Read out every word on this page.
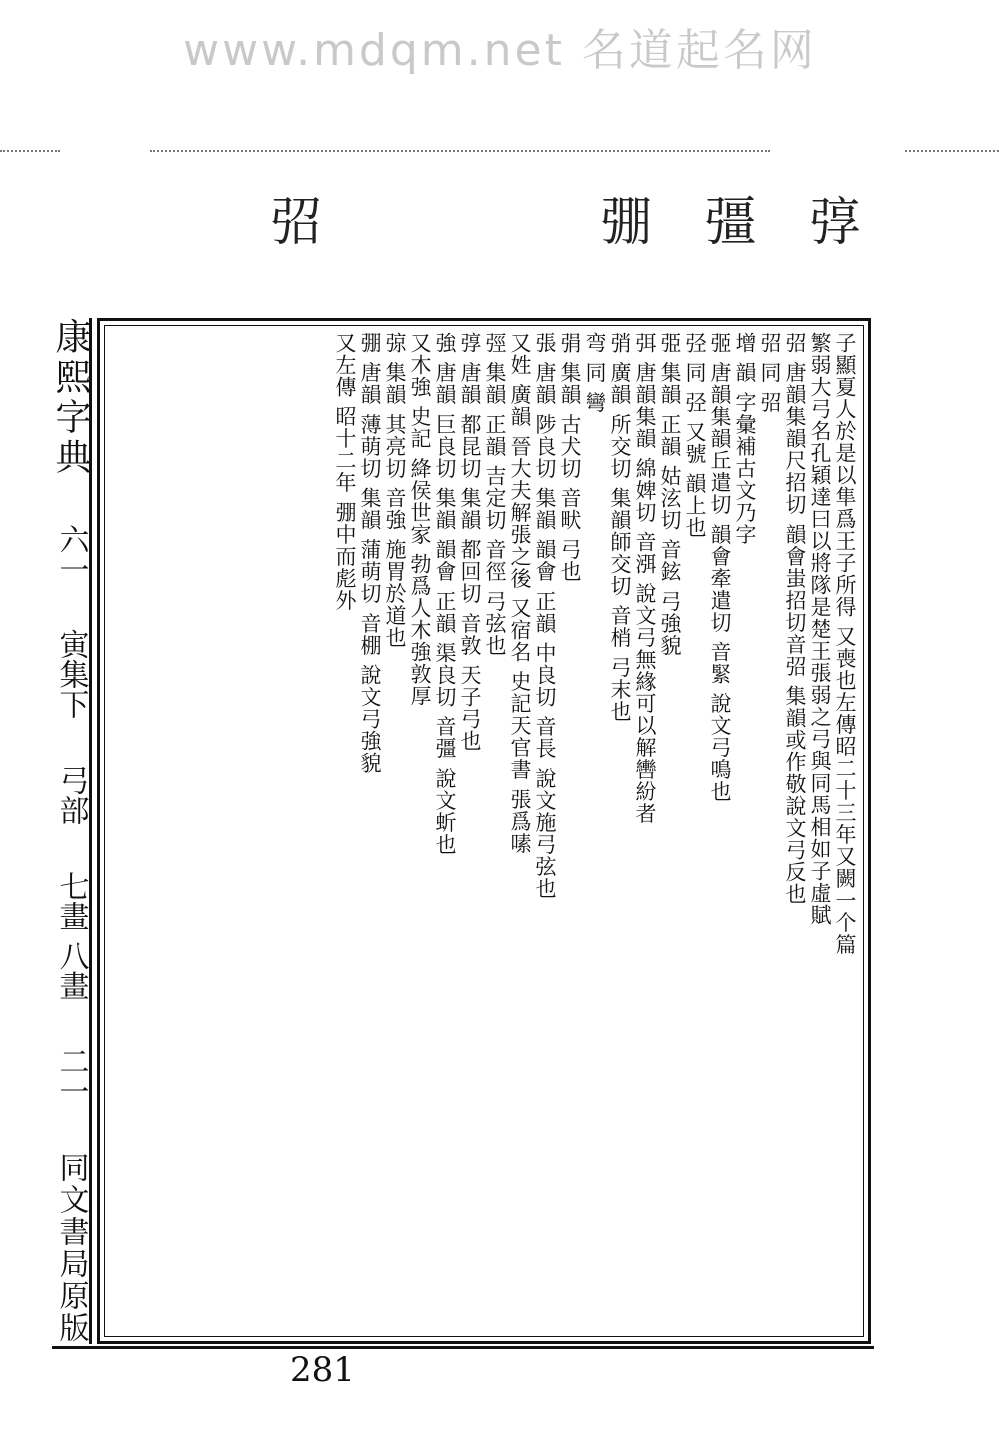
www.mdqm.net 名道起名网
弨	弸 彊 弴
康熙字典
六一
寅集下
弓部
七畫 八畫
二一
同文書局原版
子顯夏人於是以隼爲王子所得 又喪也左傳昭二十三年又闕一个篇
繁弱大弓名孔穎達曰以將隊是楚王張弱之弓與同馬相如子虛賦
弨 唐韻集韻尺招切 韻會蚩招切音弨 集韻或作敬說文弓反也
弨 同 弨
增 韻 字彙補古文乃字
弬 唐韻集韻丘遣切 韻會牽遣切 音緊 說文弓鳴也
弪 同 弪 又號 韻上也
弫 集韻 正韻 姑泫切 音鉉 弓強貌
弭 唐韻集韻 綿婢切 音渳 說文弓無緣可以解轡紛者
弰 廣韻 所交切 集韻師交切 音梢 弓末也
弯 同 彎
弲 集韻 古犬切 音畎 弓也
張 唐韻 陟良切 集韻 韻會 正韻 中良切 音長 說文施弓弦也
又姓 廣韻 晉大夫解張之後 又宿名 史記天官書 張爲嗉
弳 集韻 正韻 吉定切 音徑 弓弦也
弴 唐韻 都昆切 集韻 都回切 音敦 天子弓也
強 唐韻 巨良切 集韻 韻會 正韻 渠良切 音彊 說文蚚也
又木強 史記 絳侯世家 勃爲人木強敦厚
弶 集韻 其亮切 音強 施胃於道也
弸 唐韻 薄萌切 集韻 蒲萌切 音棚 說文弓強貌
又左傳 昭十二年 弸中而彪外
281
